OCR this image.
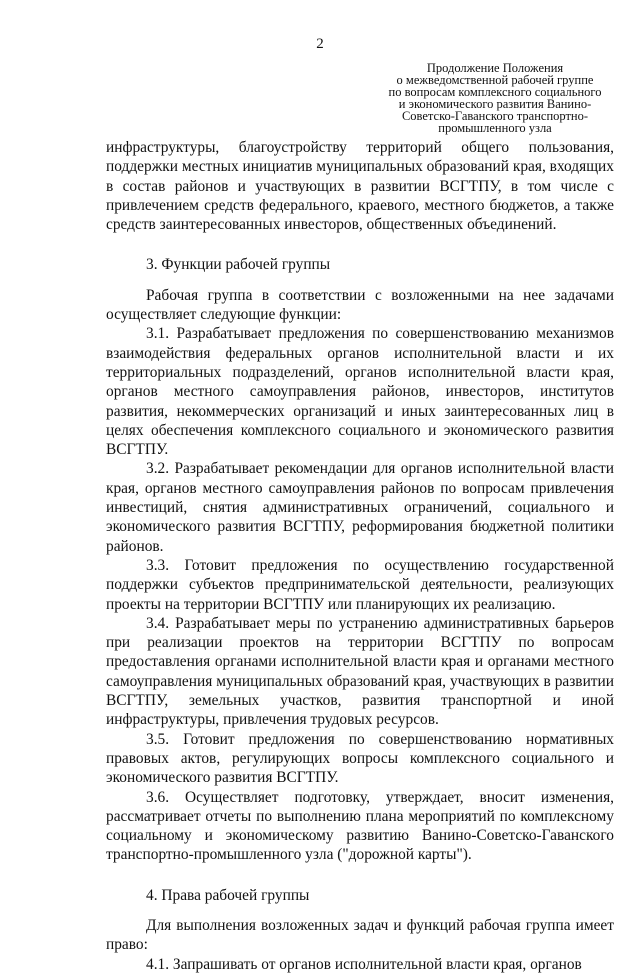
2
Продолжение Положения
о межведомственной рабочей группе
по вопросам комплексного социального
и экономического развития Ванино-
Советско-Гаванского транспортно-
промышленного узла

инфраструктуры, благоустройству территорий общего пользования, поддержки местных инициатив муниципальных образований края, входящих в состав районов и участвующих в развитии ВСГТПУ, в том числе с привлечением средств федерального, краевого, местного бюджетов, а также средств заинтересованных инвесторов, общественных объединений.

3. Функции рабочей группы

Рабочая группа в соответствии с возложенными на нее задачами осуществляет следующие функции:

3.1. Разрабатывает предложения по совершенствованию механизмов взаимодействия федеральных органов исполнительной власти и их территориальных подразделений, органов исполнительной власти края, органов местного самоуправления районов, инвесторов, институтов развития, некоммерческих организаций и иных заинтересованных лиц в целях обеспечения комплексного социального и экономического развития ВСГТПУ.

3.2. Разрабатывает рекомендации для органов исполнительной власти края, органов местного самоуправления районов по вопросам привлечения инвестиций, снятия административных ограничений, социального и экономического развития ВСГТПУ, реформирования бюджетной политики районов.

3.3. Готовит предложения по осуществлению государственной поддержки субъектов предпринимательской деятельности, реализующих проекты на территории ВСГТПУ или планирующих их реализацию.

3.4. Разрабатывает меры по устранению административных барьеров при реализации проектов на территории ВСГТПУ по вопросам предоставления органами исполнительной власти края и органами местного самоуправления муниципальных образований края, участвующих в развитии ВСГТПУ, земельных участков, развития транспортной и иной инфраструктуры, привлечения трудовых ресурсов.

3.5. Готовит предложения по совершенствованию нормативных правовых актов, регулирующих вопросы комплексного социального и экономического развития ВСГТПУ.

3.6. Осуществляет подготовку, утверждает, вносит изменения, рассматривает отчеты по выполнению плана мероприятий по комплексному социальному и экономическому развитию Ванино-Советско-Гаванского транспортно-промышленного узла ("дорожной карты").

4. Права рабочей группы

Для выполнения возложенных задач и функций рабочая группа имеет право:

4.1. Запрашивать от органов исполнительной власти края, органов
